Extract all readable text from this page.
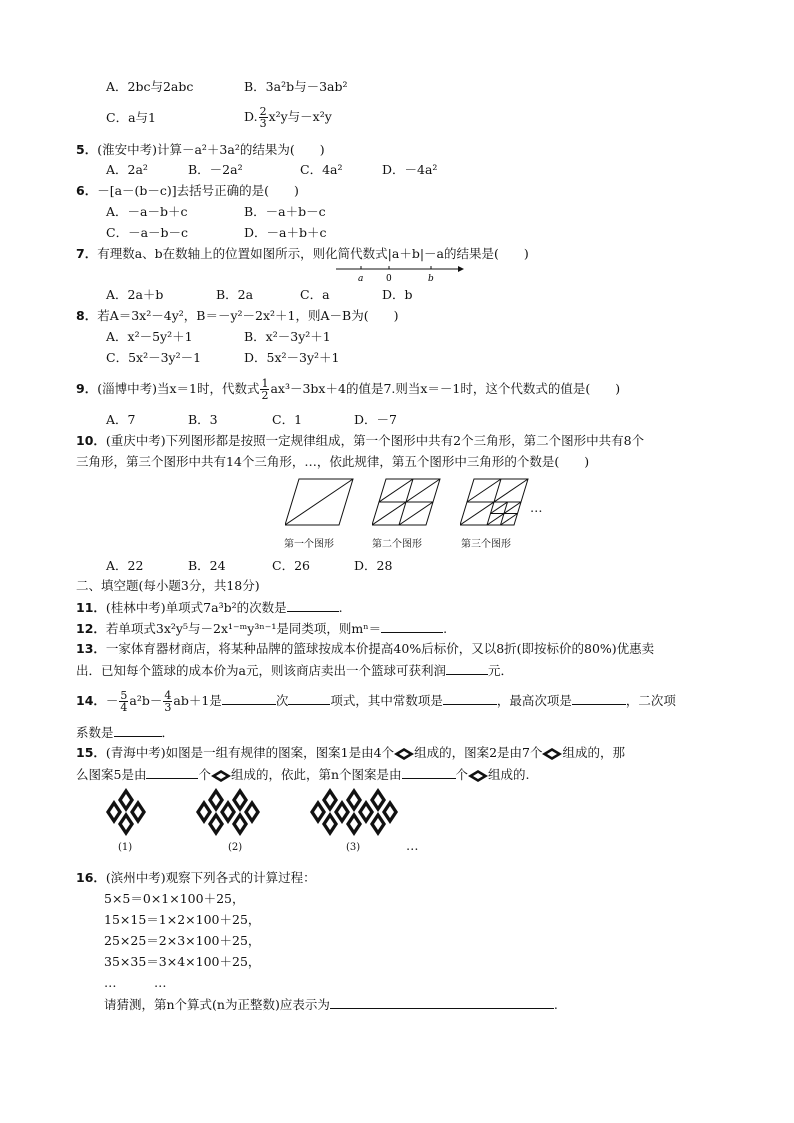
A．2bc与2abc	B．3a²b与－3ab²
C．a与1	D. $\frac{2}{3} x^2y$与－x²y
5．(淮安中考)计算－a²＋3a²的结果为(　　)
A．2a²	B．－2a²	C．4a²	D．－4a²
6．－[a－(b－c)]去括号正确的是(　　)
A．－a－b＋c	B．－a＋b－c
C．－a－b－c	D．－a＋b＋c
7．有理数a、b在数轴上的位置如图所示，则化简代数式|a＋b|－a的结果是(　　)
a	0	b
A．2a＋b	B．2a	C．a	D．b
8．若A＝3x²－4y²，B＝－y²－2x²＋1，则A－B为(　　)
A．x²－5y²＋1	B．x²－3y²＋1
C．5x²－3y²－1	D．5x²－3y²＋1
9．(淄博中考)当x＝1时，代数式 $\frac{1}{2} ax^3-3bx+4$的值是7.则当x＝－1时，这个代数式的值是(　　)
A．7	B．3	C．1	D．－7
10．(重庆中考)下列图形都是按照一定规律组成，第一个图形中共有2个三角形，第二个图形中共有8个
三角形，第三个图形中共有14个三角形，…，依此规律，第五个图形中三角形的个数是(　　)
…
第一个图形	第二个图形	第三个图形
A．22	B．24	C．26	D．28
二、填空题(每小题3分，共18分)
11．(桂林中考)单项式7a³b²的次数是	.
12．若单项式3x²y⁵与－2x¹⁻ᵐy³ⁿ⁻¹是同类项，则mⁿ＝	.
13．一家体育器材商店，将某种品牌的篮球按成本价提高40%后标价，又以8折(即按标价的80%)优惠卖
出．已知每个篮球的成本价为a元，则该商店卖出一个篮球可获利润	元．
14．－ $\frac{5}{4} a^2b- \frac{4}{3} ab+1$是	次	项式，其中常数项是	，最高次项是	，二次项
系数是	．
15．(青海中考)如图是一组有规律的图案，图案1是由4个 组成的，图案2是由7个 组成的，那
么图案5是由	个 组成的，依此，第n个图案是由	个 组成的.
(1)	(2)	(3)	…
16．(滨州中考)观察下列各式的计算过程：
5×5＝0×1×100＋25，
15×15＝1×2×100＋25，
25×25＝2×3×100＋25，
35×35＝3×4×100＋25，
…　　　…
请猜测，第n个算式(n为正整数)应表示为	.
